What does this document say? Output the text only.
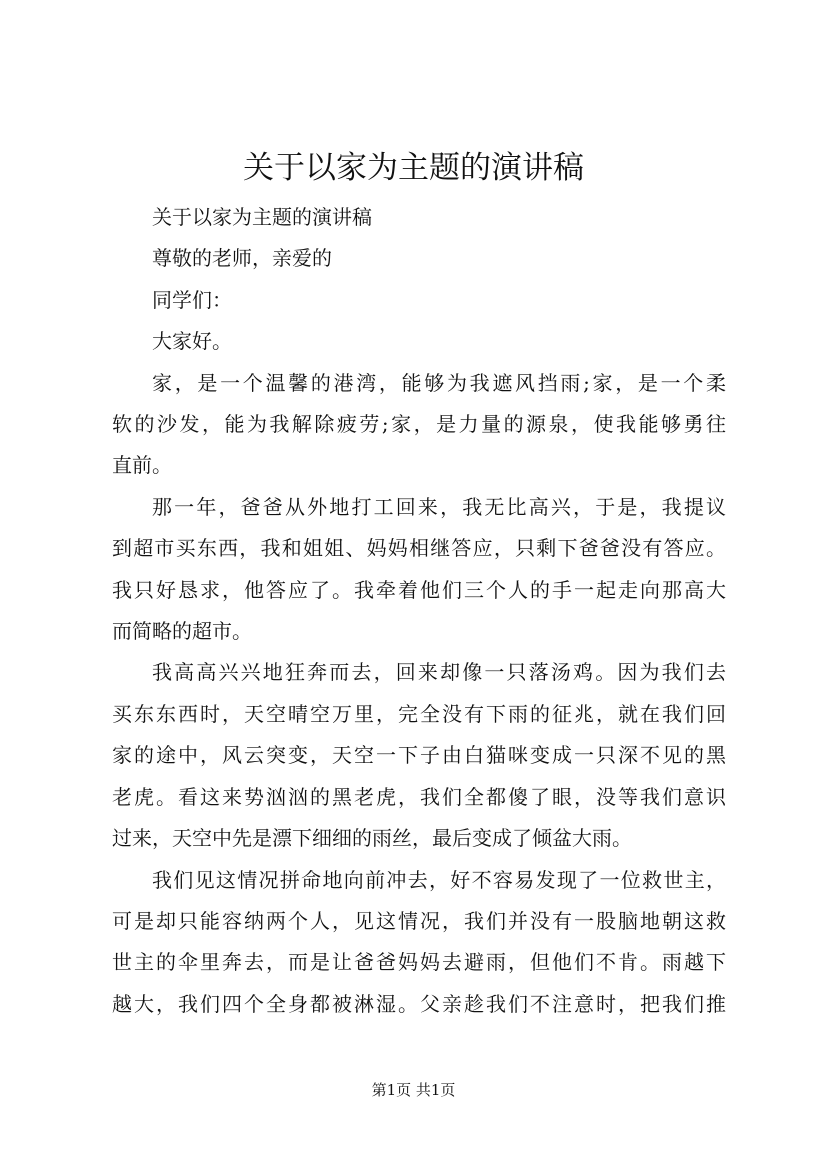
关于以家为主题的演讲稿

关于以家为主题的演讲稿

尊敬的老师，亲爱的

同学们：

大家好。

家，是一个温馨的港湾，能够为我遮风挡雨;家，是一个柔
软的沙发，能为我解除疲劳;家，是力量的源泉，使我能够勇往
直前。
那一年，爸爸从外地打工回来，我无比高兴，于是，我提议
到超市买东西，我和姐姐、妈妈相继答应，只剩下爸爸没有答应。
我只好恳求，他答应了。我牵着他们三个人的手一起走向那高大
而简略的超市。
我高高兴兴地狂奔而去，回来却像一只落汤鸡。因为我们去
买东东西时，天空晴空万里，完全没有下雨的征兆，就在我们回
家的途中，风云突变，天空一下子由白猫咪变成一只深不见的黑
老虎。看这来势汹汹的黑老虎，我们全都傻了眼，没等我们意识
过来，天空中先是漂下细细的雨丝，最后变成了倾盆大雨。
我们见这情况拼命地向前冲去，好不容易发现了一位救世主，
可是却只能容纳两个人，见这情况，我们并没有一股脑地朝这救
世主的伞里奔去，而是让爸爸妈妈去避雨，但他们不肯。雨越下
越大，我们四个全身都被淋湿。父亲趁我们不注意时，把我们推
第1页 共1页
